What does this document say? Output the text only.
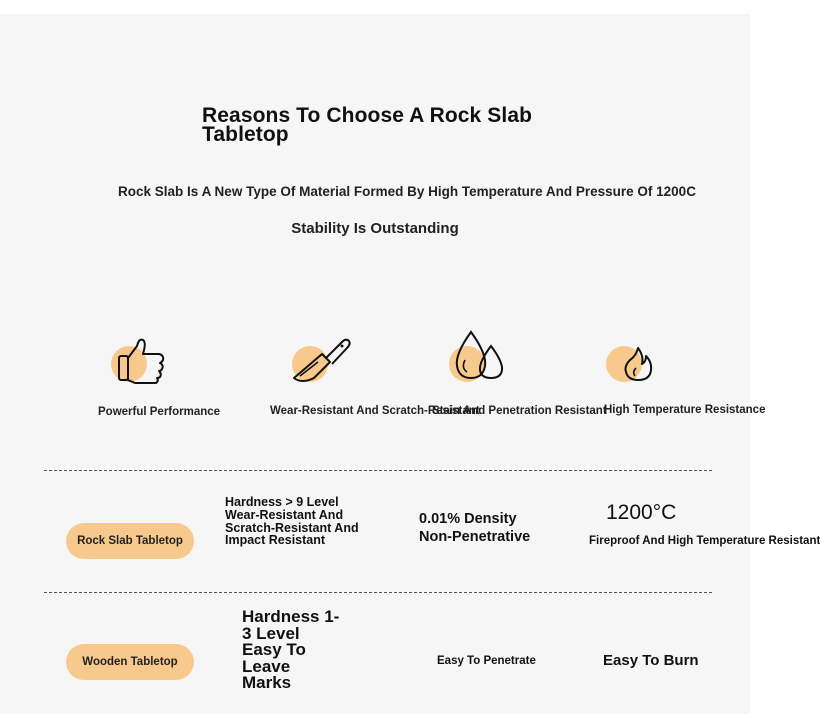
Reasons To Choose A Rock Slab Tabletop
Rock Slab Is A New Type Of Material Formed By High Temperature And Pressure Of 1200C
Stability Is Outstanding
Powerful Performance	Wear-Resistant And Scratch-Resistant
Stain And Penetration Resistant
High Temperature Resistance
Rock Slab Tabletop
Hardness > 9 Level Wear-Resistant And Scratch-Resistant And Impact Resistant
0.01% Density Non-Penetrative
1200°C
Fireproof And High Temperature Resistant
Wooden Tabletop
Hardness 1-3 Level Easy To Leave Marks
Easy To Penetrate	Easy To Burn
